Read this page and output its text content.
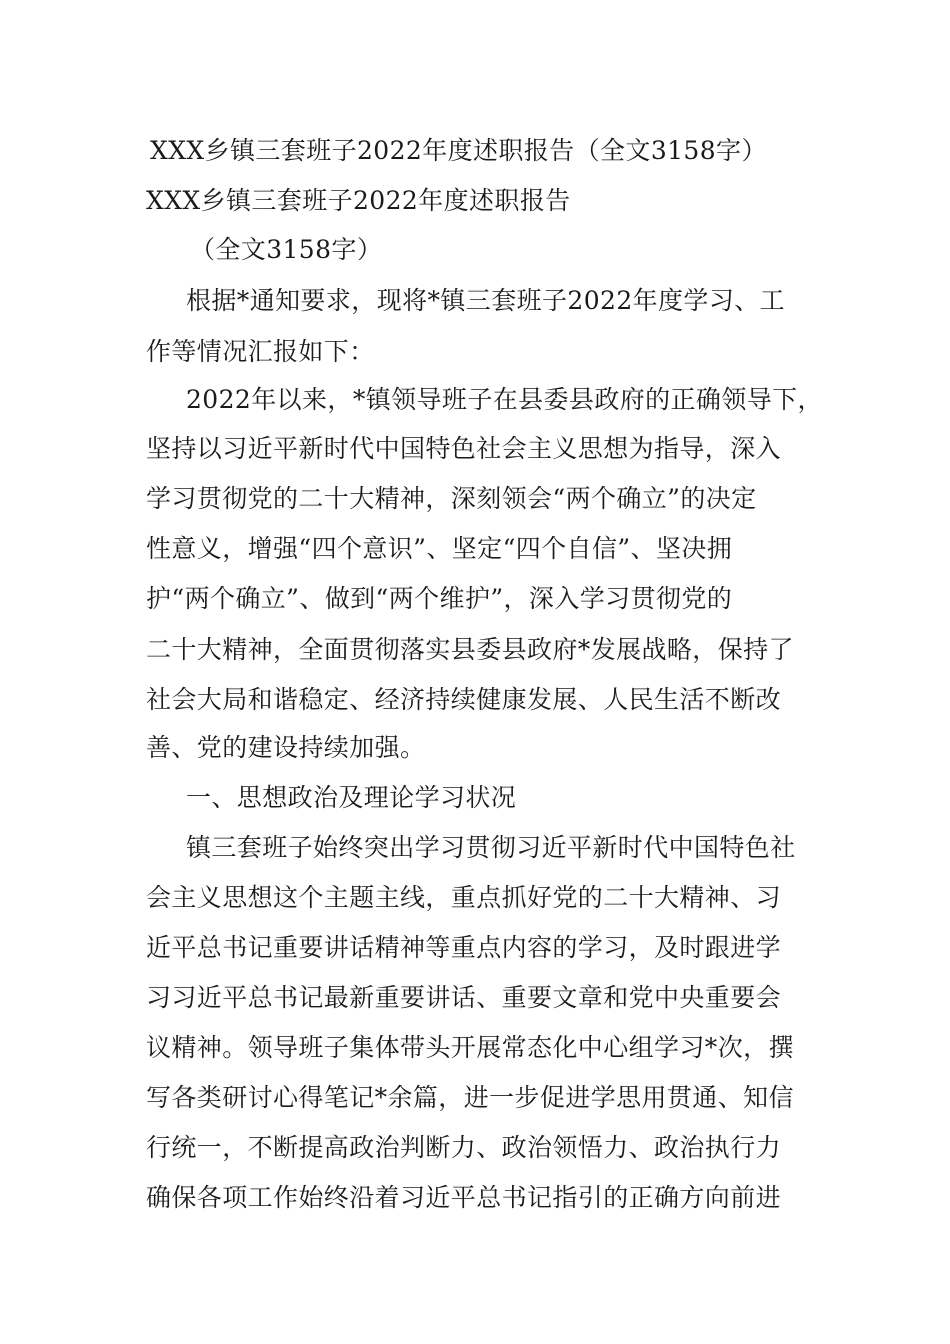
XXX乡镇三套班子2022年度述职报告（全文3158字）

XXX乡镇三套班子2022年度述职报告

（全文3158字）

根据*通知要求，现将*镇三套班子2022年度学习、工

作等情况汇报如下：

2022年以来，*镇领导班子在县委县政府的正确领导下，

坚持以习近平新时代中国特色社会主义思想为指导，深入

学习贯彻党的二十大精神，深刻领会“两个确立”的决定

性意义，增强“四个意识”、坚定“四个自信”、坚决拥

护“两个确立”、做到“两个维护”，深入学习贯彻党的

二十大精神，全面贯彻落实县委县政府*发展战略，保持了

社会大局和谐稳定、经济持续健康发展、人民生活不断改

善、党的建设持续加强。

一、思想政治及理论学习状况

镇三套班子始终突出学习贯彻习近平新时代中国特色社

会主义思想这个主题主线，重点抓好党的二十大精神、习

近平总书记重要讲话精神等重点内容的学习，及时跟进学

习习近平总书记最新重要讲话、重要文章和党中央重要会

议精神。领导班子集体带头开展常态化中心组学习*次，撰

写各类研讨心得笔记*余篇，进一步促进学思用贯通、知信

行统一，不断提高政治判断力、政治领悟力、政治执行力

确保各项工作始终沿着习近平总书记指引的正确方向前进
